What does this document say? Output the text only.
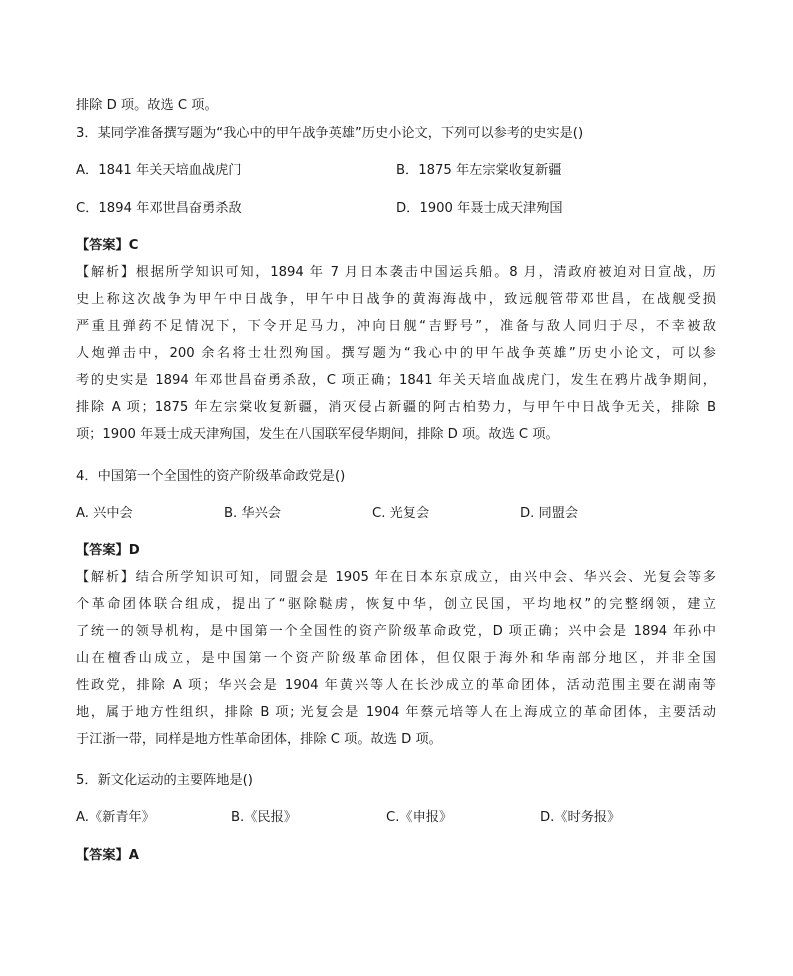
排除 D 项。故选 C 项。
3．某同学准备撰写题为“我心中的甲午战争英雄”历史小论文，下列可以参考的史实是()
A．1841 年关天培血战虎门	B．1875 年左宗棠收复新疆
C．1894 年邓世昌奋勇杀敌	D．1900 年聂士成天津殉国
【答案】C
【解析】根据所学知识可知，1894 年 7 月日本袭击中国运兵船。8 月，清政府被迫对日宣战，历
史上称这次战争为甲午中日战争，甲午中日战争的黄海海战中，致远舰管带邓世昌，在战舰受损
严重且弹药不足情况下，下令开足马力，冲向日舰“吉野号”，准备与敌人同归于尽，不幸被敌
人炮弹击中，200 余名将士壮烈殉国。撰写题为“我心中的甲午战争英雄”历史小论文，可以参
考的史实是 1894 年邓世昌奋勇杀敌，C 项正确；1841 年关天培血战虎门，发生在鸦片战争期间，
排除 A 项；1875 年左宗棠收复新疆，消灭侵占新疆的阿古柏势力，与甲午中日战争无关，排除 B
项；1900 年聂士成天津殉国，发生在八国联军侵华期间，排除 D 项。故选 C 项。
4．中国第一个全国性的资产阶级革命政党是()
A. 兴中会	B. 华兴会	C. 光复会	D. 同盟会
【答案】D
【解析】结合所学知识可知，同盟会是 1905 年在日本东京成立，由兴中会、华兴会、光复会等多
个革命团体联合组成，提出了“驱除鞑虏，恢复中华，创立民国，平均地权”的完整纲领，建立
了统一的领导机构，是中国第一个全国性的资产阶级革命政党，D 项正确；兴中会是 1894 年孙中
山在檀香山成立，是中国第一个资产阶级革命团体，但仅限于海外和华南部分地区，并非全国
性政党，排除 A 项；华兴会是 1904 年黄兴等人在长沙成立的革命团体，活动范围主要在湖南等
地，属于地方性组织，排除 B 项; 光复会是 1904 年蔡元培等人在上海成立的革命团体，主要活动
于江浙一带，同样是地方性革命团体，排除 C 项。故选 D 项。
5．新文化运动的主要阵地是()
A.《新青年》	B.《民报》	C.《申报》	D.《时务报》
【答案】A
